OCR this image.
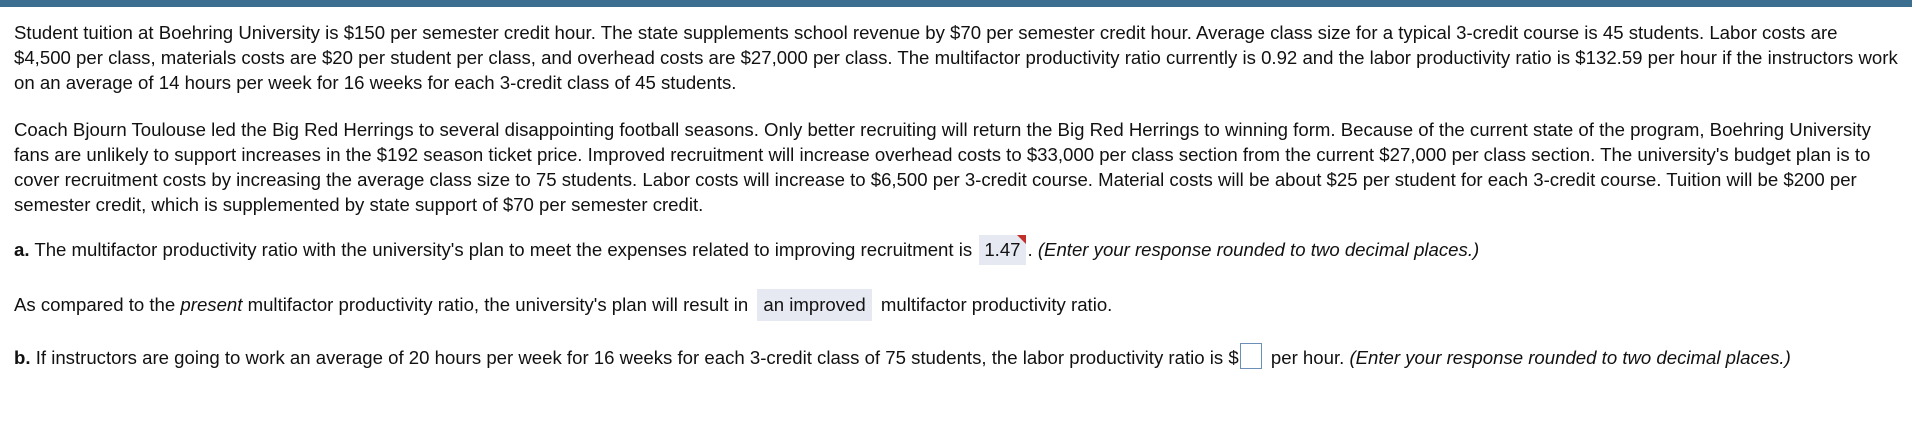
Student tuition at Boehring University is $150 per semester credit hour. The state supplements school revenue by $70 per semester credit hour. Average class size for a typical 3-credit course is 45 students. Labor costs are $4,500 per class, materials costs are $20 per student per class, and overhead costs are $27,000 per class. The multifactor productivity ratio currently is 0.92 and the labor productivity ratio is $132.59 per hour if the instructors work on an average of 14 hours per week for 16 weeks for each 3-credit class of 45 students.

Coach Bjourn Toulouse led the Big Red Herrings to several disappointing football seasons. Only better recruiting will return the Big Red Herrings to winning form. Because of the current state of the program, Boehring University fans are unlikely to support increases in the $192 season ticket price. Improved recruitment will increase overhead costs to $33,000 per class section from the current $27,000 per class section. The university's budget plan is to cover recruitment costs by increasing the average class size to 75 students. Labor costs will increase to $6,500 per 3-credit course. Material costs will be about $25 per student for each 3-credit course. Tuition will be $200 per semester credit, which is supplemented by state support of $70 per semester credit.

a. The multifactor productivity ratio with the university's plan to meet the expenses related to improving recruitment is 1.47 . (Enter your response rounded to two decimal places.)
As compared to the present multifactor productivity ratio, the university's plan will result in an improved multifactor productivity ratio.
b. If instructors are going to work an average of 20 hours per week for 16 weeks for each 3-credit class of 75 students, the labor productivity ratio is $ per hour. (Enter your response rounded to two decimal places.)
